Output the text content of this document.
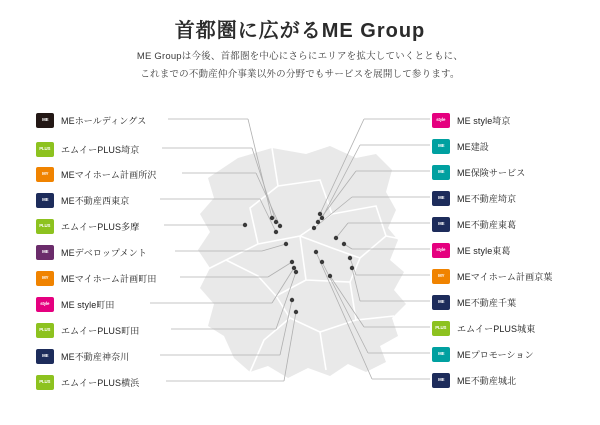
首都圏に広がるME Group
ME Groupは今後、首都圏を中心にさらにエリアを拡大していくとともに、
これまでの不動産仲介事業以外の分野でもサービスを展開して参ります。
ME MEホールディングス
PLUS エムイーPLUS埼京
MY MEマイホーム計画所沢
ME ME不動産西東京
PLUS エムイーPLUS多摩
ME MEデベロップメント
MY MEマイホーム計画町田
style ME style町田
PLUS エムイーPLUS町田
ME ME不動産神奈川
PLUS エムイーPLUS横浜
style ME style埼京
ME ME建設
ME ME保険サービス
ME ME不動産埼京
ME ME不動産東葛
style ME style東葛
MY MEマイホーム計画京葉
ME ME不動産千葉
PLUS エムイーPLUS城東
ME MEプロモーション
ME ME不動産城北
